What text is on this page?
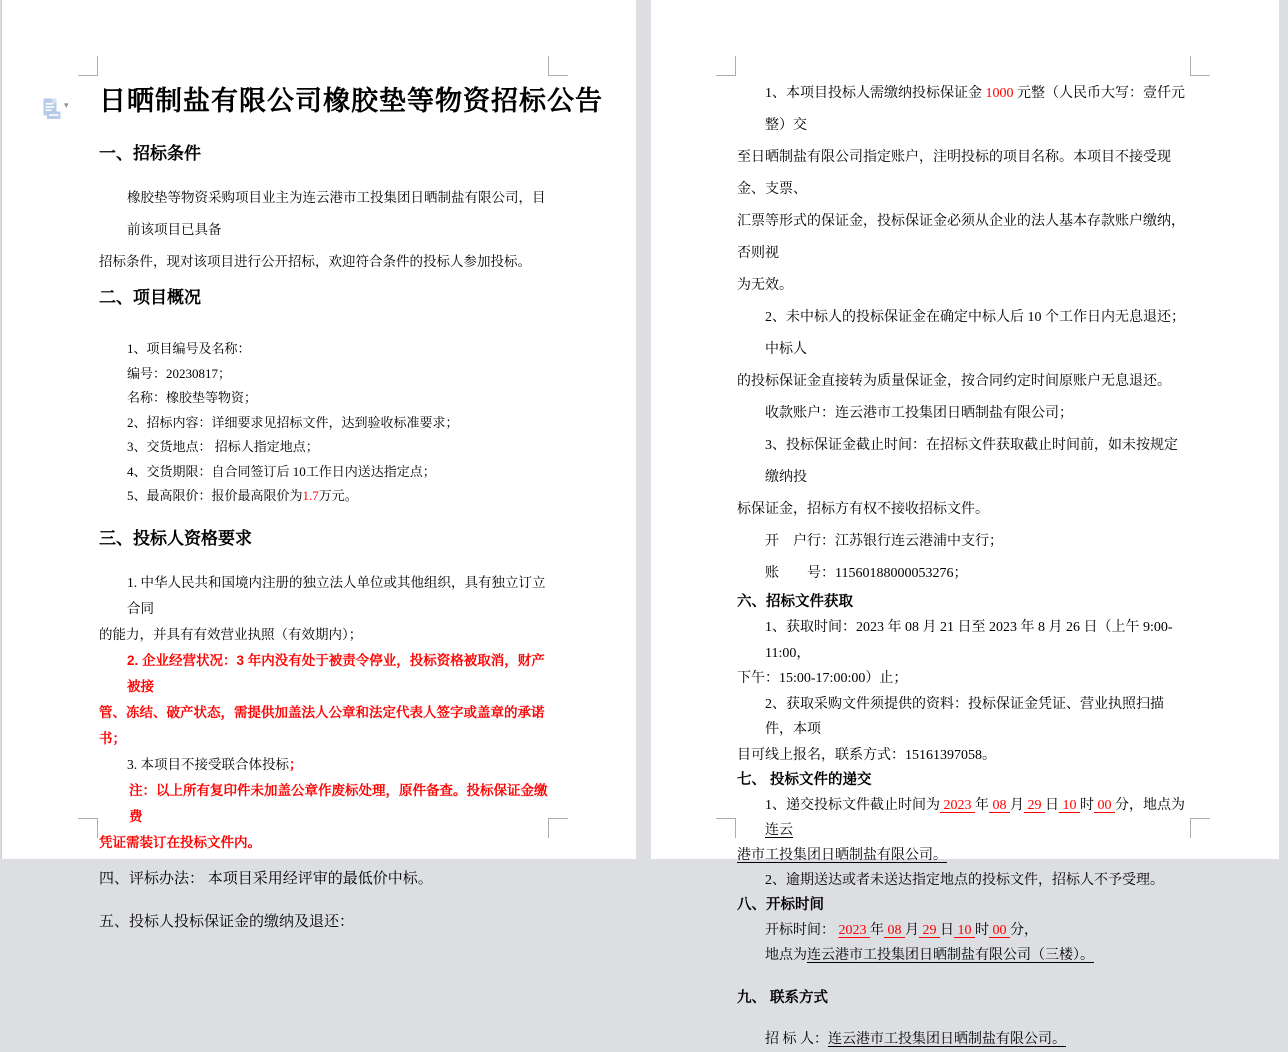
日晒制盐有限公司橡胶垫等物资招标公告
一、招标条件
橡胶垫等物资采购项目业主为连云港市工投集团日晒制盐有限公司，目前该项目已具备
招标条件，现对该项目进行公开招标，欢迎符合条件的投标人参加投标。
二、项目概况
1、项目编号及名称：
编号：20230817；
名称：橡胶垫等物资；
2、招标内容：详细要求见招标文件，达到验收标准要求；
3、交货地点： 招标人指定地点；
4、交货期限：自合同签订后 10工作日内送达指定点；
5、最高限价：报价最高限价为1.7万元。
三、投标人资格要求
1. 中华人民共和国境内注册的独立法人单位或其他组织，具有独立订立合同
的能力，并具有有效营业执照（有效期内）；
2. 企业经营状况：3 年内没有处于被责令停业，投标资格被取消，财产被接
管、冻结、破产状态，需提供加盖法人公章和法定代表人签字或盖章的承诺书；
3. 本项目不接受联合体投标；
注：以上所有复印件未加盖公章作废标处理，原件备查。投标保证金缴费
凭证需装订在投标文件内。
四、评标办法： 本项目采用经评审的最低价中标。
五、投标人投标保证金的缴纳及退还：
▾
1、本项目投标人需缴纳投标保证金 1000 元整（人民币大写：壹仟元整）交
至日晒制盐有限公司指定账户，注明投标的项目名称。本项目不接受现金、支票、
汇票等形式的保证金，投标保证金必须从企业的法人基本存款账户缴纳，否则视
为无效。
2、未中标人的投标保证金在确定中标人后 10 个工作日内无息退还；中标人
的投标保证金直接转为质量保证金，按合同约定时间原账户无息退还。
收款账户：连云港市工投集团日晒制盐有限公司；
3、投标保证金截止时间：在招标文件获取截止时间前，如未按规定缴纳投
标保证金，招标方有权不接收招标文件。
开　户行：江苏银行连云港浦中支行；
账　　号：11560188000053276；
六、招标文件获取
1、获取时间：2023 年 08 月 21 日至 2023 年 8 月 26 日（上午 9:00-11:00，
下午：15:00-17:00:00）止；
2、获取采购文件须提供的资料：投标保证金凭证、营业执照扫描件，本项
目可线上报名，联系方式：15161397058。
七、 投标文件的递交
1、递交投标文件截止时间为 2023 年 08 月 29 日 10 时 00 分，地点为连云
港市工投集团日晒制盐有限公司。
2、逾期送达或者未送达指定地点的投标文件，招标人不予受理。
八、开标时间
开标时间： 2023 年 08 月 29 日 10 时 00 分，
地点为连云港市工投集团日晒制盐有限公司（三楼）。
九、 联系方式
招 标 人：连云港市工投集团日晒制盐有限公司。
